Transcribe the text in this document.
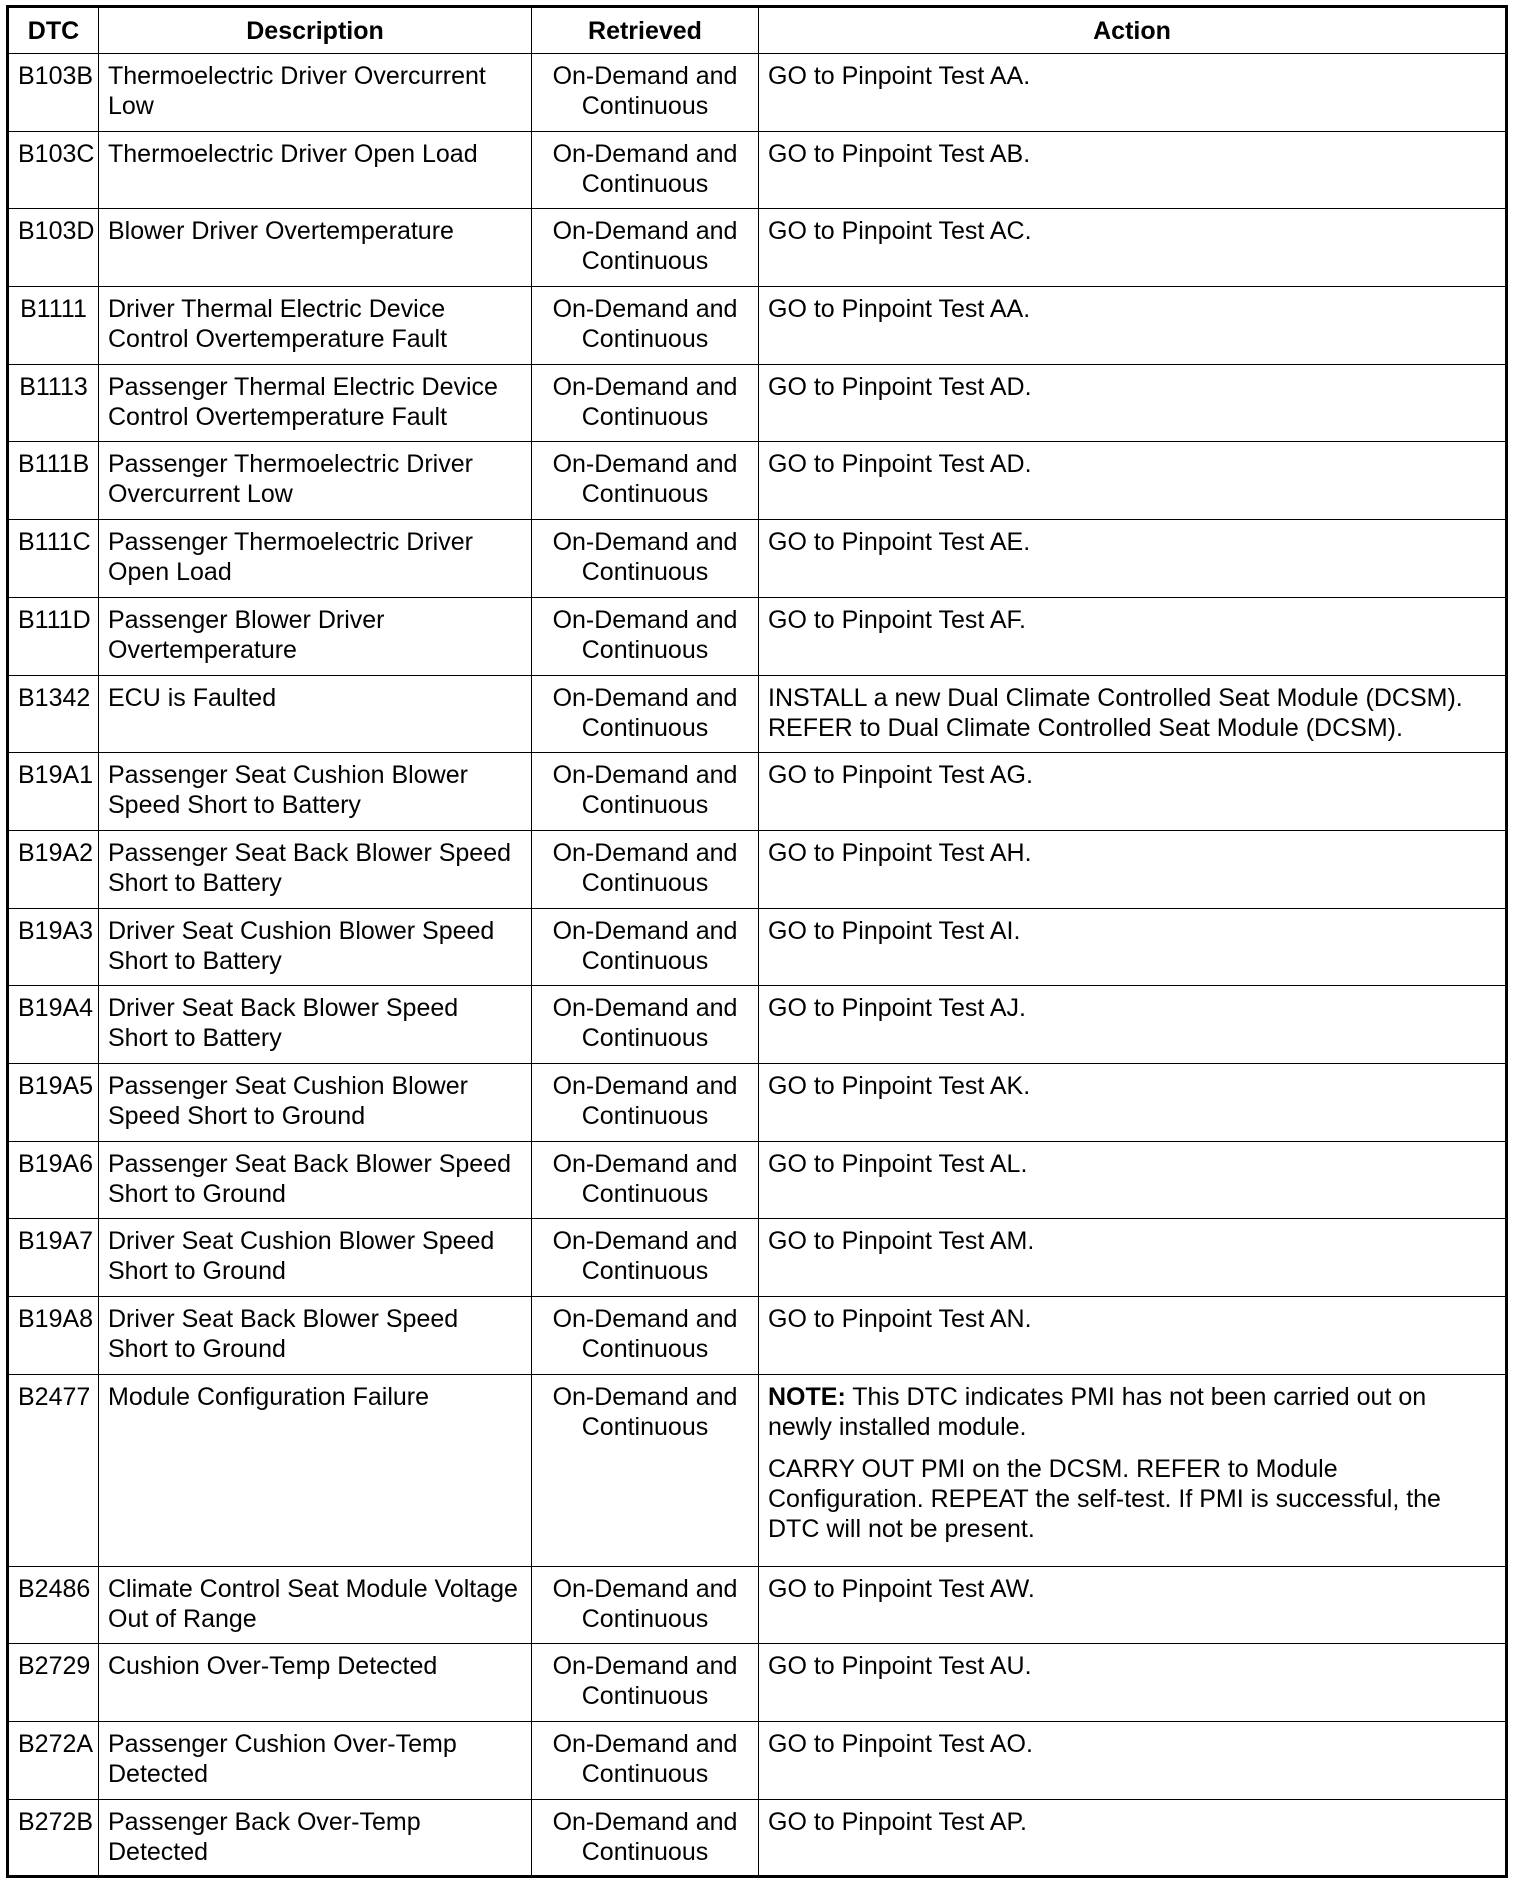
DTC	Description	Retrieved	Action
B103B	Thermoelectric Driver Overcurrent Low	On-Demand and Continuous	GO to Pinpoint Test AA.
B103C	Thermoelectric Driver Open Load	On-Demand and Continuous	GO to Pinpoint Test AB.
B103D	Blower Driver Overtemperature	On-Demand and Continuous	GO to Pinpoint Test AC.
B1111	Driver Thermal Electric Device Control Overtemperature Fault	On-Demand and Continuous	GO to Pinpoint Test AA.
B1113	Passenger Thermal Electric Device Control Overtemperature Fault	On-Demand and Continuous	GO to Pinpoint Test AD.
B111B	Passenger Thermoelectric Driver Overcurrent Low	On-Demand and Continuous	GO to Pinpoint Test AD.
B111C	Passenger Thermoelectric Driver Open Load	On-Demand and Continuous	GO to Pinpoint Test AE.
B111D	Passenger Blower Driver Overtemperature	On-Demand and Continuous	GO to Pinpoint Test AF.
B1342	ECU is Faulted	On-Demand and Continuous	INSTALL a new Dual Climate Controlled Seat Module (DCSM). REFER to Dual Climate Controlled Seat Module (DCSM).
B19A1	Passenger Seat Cushion Blower Speed Short to Battery	On-Demand and Continuous	GO to Pinpoint Test AG.
B19A2	Passenger Seat Back Blower Speed Short to Battery	On-Demand and Continuous	GO to Pinpoint Test AH.
B19A3	Driver Seat Cushion Blower Speed Short to Battery	On-Demand and Continuous	GO to Pinpoint Test AI.
B19A4	Driver Seat Back Blower Speed Short to Battery	On-Demand and Continuous	GO to Pinpoint Test AJ.
B19A5	Passenger Seat Cushion Blower Speed Short to Ground	On-Demand and Continuous	GO to Pinpoint Test AK.
B19A6	Passenger Seat Back Blower Speed Short to Ground	On-Demand and Continuous	GO to Pinpoint Test AL.
B19A7	Driver Seat Cushion Blower Speed Short to Ground	On-Demand and Continuous	GO to Pinpoint Test AM.
B19A8	Driver Seat Back Blower Speed Short to Ground	On-Demand and Continuous	GO to Pinpoint Test AN.
B2477	Module Configuration Failure	On-Demand and Continuous	NOTE: This DTC indicates PMI has not been carried out on newly installed module.
CARRY OUT PMI on the DCSM. REFER to Module Configuration. REPEAT the self-test. If PMI is successful, the DTC will not be present.

B2486	Climate Control Seat Module Voltage Out of Range	On-Demand and Continuous	GO to Pinpoint Test AW.
B2729	Cushion Over-Temp Detected	On-Demand and Continuous	GO to Pinpoint Test AU.
B272A	Passenger Cushion Over-Temp Detected	On-Demand and Continuous	GO to Pinpoint Test AO.
B272B	Passenger Back Over-Temp Detected	On-Demand and Continuous	GO to Pinpoint Test AP.
